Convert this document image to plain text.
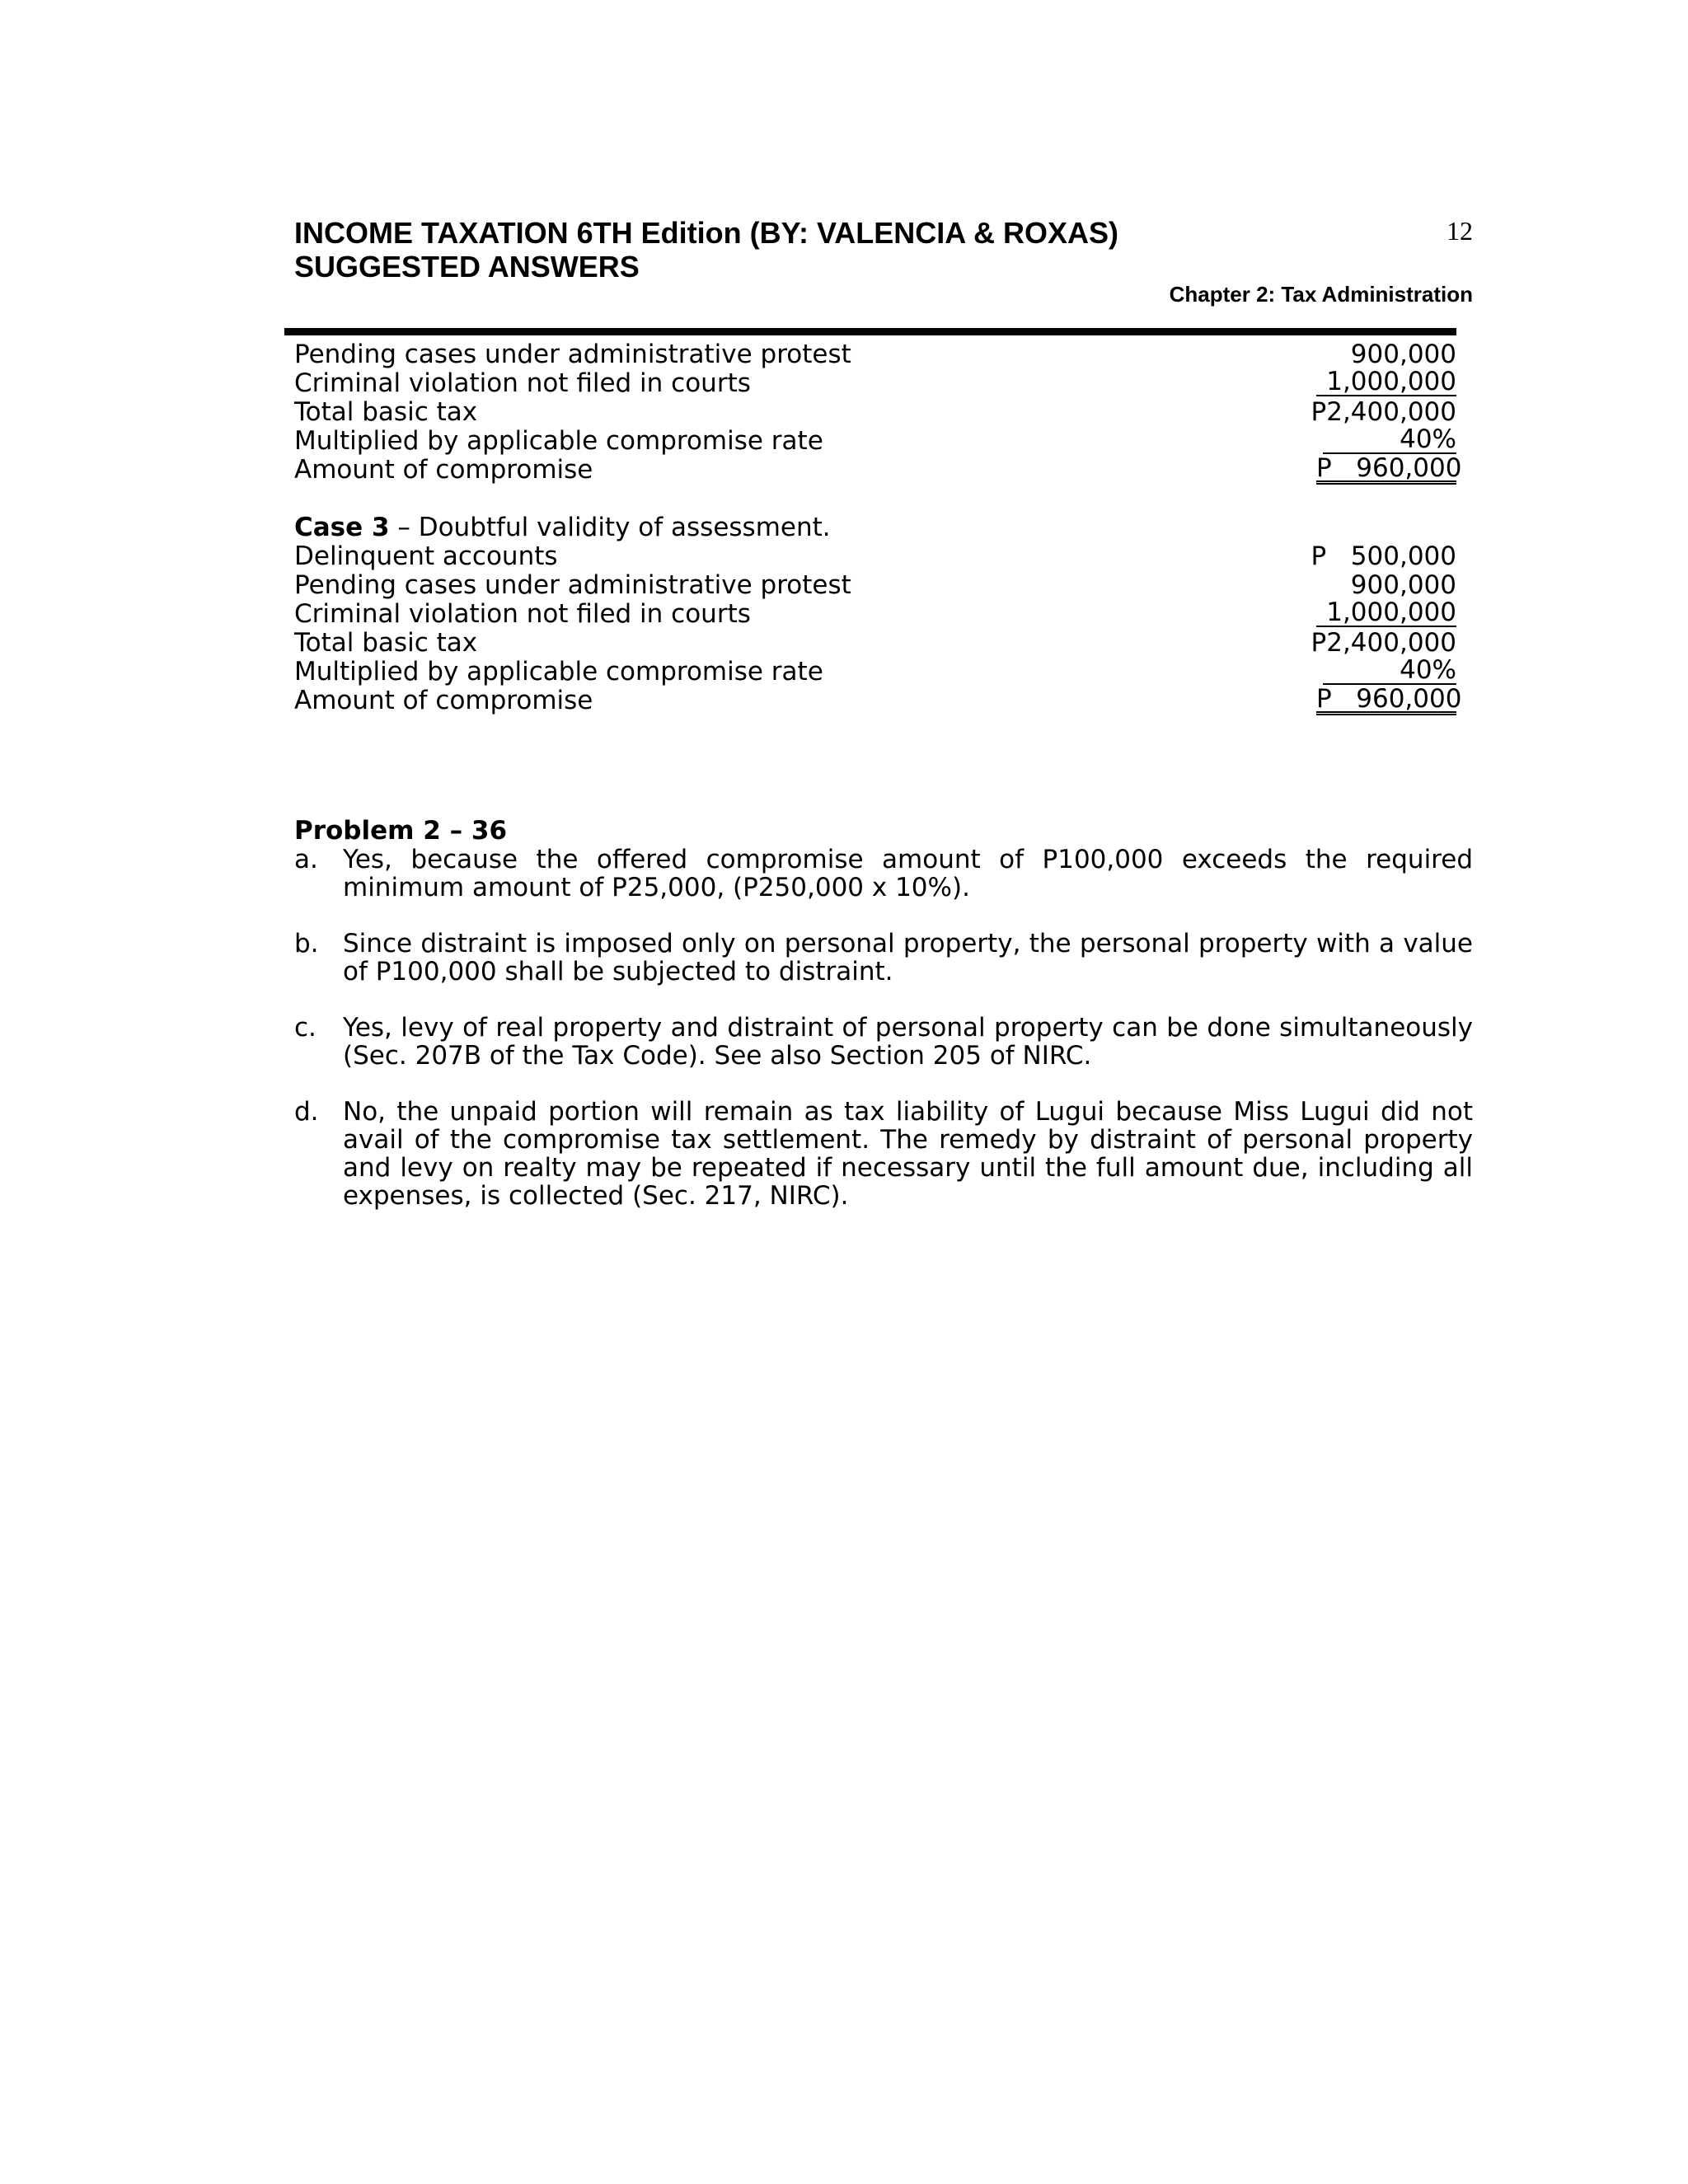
INCOME TAXATION 6TH Edition (BY: VALENCIA & ROXAS)
SUGGESTED ANSWERS
12
Chapter 2: Tax Administration
Pending cases under administrative protest	900,000
Criminal violation not filed in courts	1,000,000
Total basic tax	P2,400,000
Multiplied by applicable compromise rate	40%
Amount of compromise	P   960,000
Case 3 – Doubtful validity of assessment.
Delinquent accounts	P   500,000
Pending cases under administrative protest	900,000
Criminal violation not filed in courts	1,000,000
Total basic tax	P2,400,000
Multiplied by applicable compromise rate	40%
Amount of compromise	P   960,000
Problem 2 – 36
a. Yes, because the offered compromise amount of P100,000 exceeds the required minimum amount of P25,000, (P250,000 x 10%).
b. Since distraint is imposed only on personal property, the personal property with a value of P100,000 shall be subjected to distraint.
c.	Yes, levy of real property and distraint of personal property can be done simultaneously (Sec. 207B of the Tax Code). See also Section 205 of NIRC.
d. No, the unpaid portion will remain as tax liability of Lugui because Miss Lugui did not avail of the compromise tax settlement. The remedy by distraint of personal property and levy on realty may be repeated if necessary until the full amount due, including all expenses, is collected (Sec. 217, NIRC).
